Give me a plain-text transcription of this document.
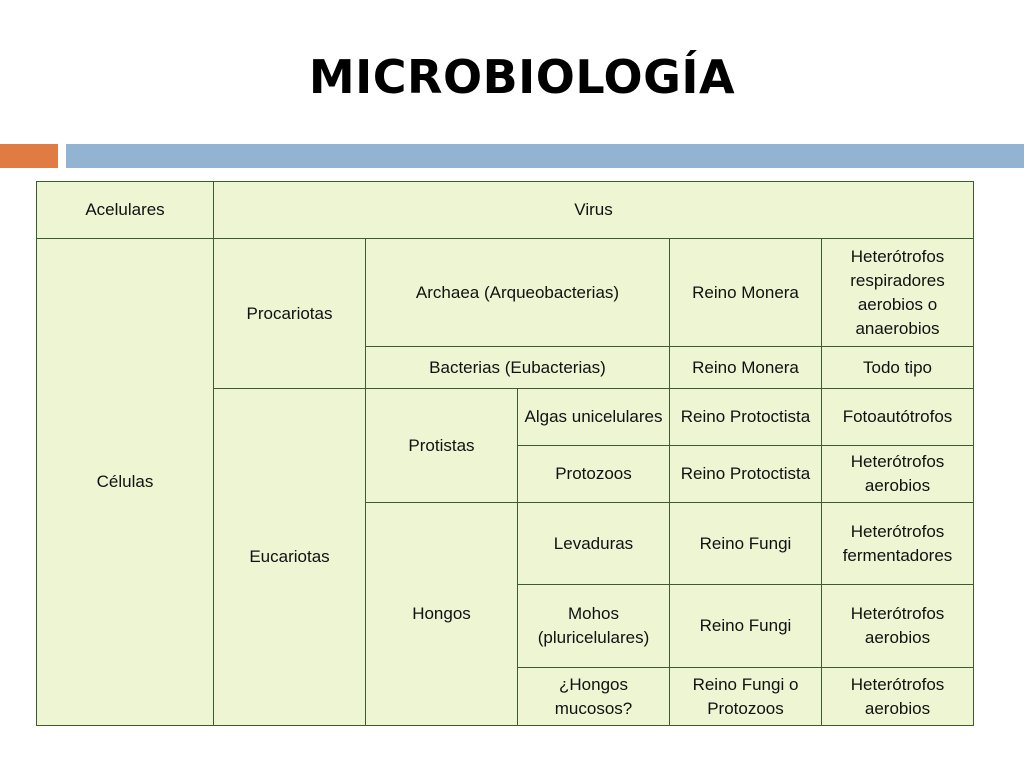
MICROBIOLOGÍA
Acelulares	Virus				
Células	Procariotas	Archaea (Arqueobacterias)		Reino Monera	Heterótrofos respiradores aerobios o anaerobios
		Bacterias (Eubacterias)		Reino Monera	Todo tipo
	Eucariotas	Protistas	Algas unicelulares	Reino Protoctista	Fotoautótrofos
			Protozoos	Reino Protoctista	Heterótrofos aerobios
		Hongos	Levaduras	Reino Fungi	Heterótrofos fermentadores
			Mohos (pluricelulares)	Reino Fungi	Heterótrofos aerobios
			¿Hongos mucosos?	Reino Fungi o Protozoos	Heterótrofos aerobios
